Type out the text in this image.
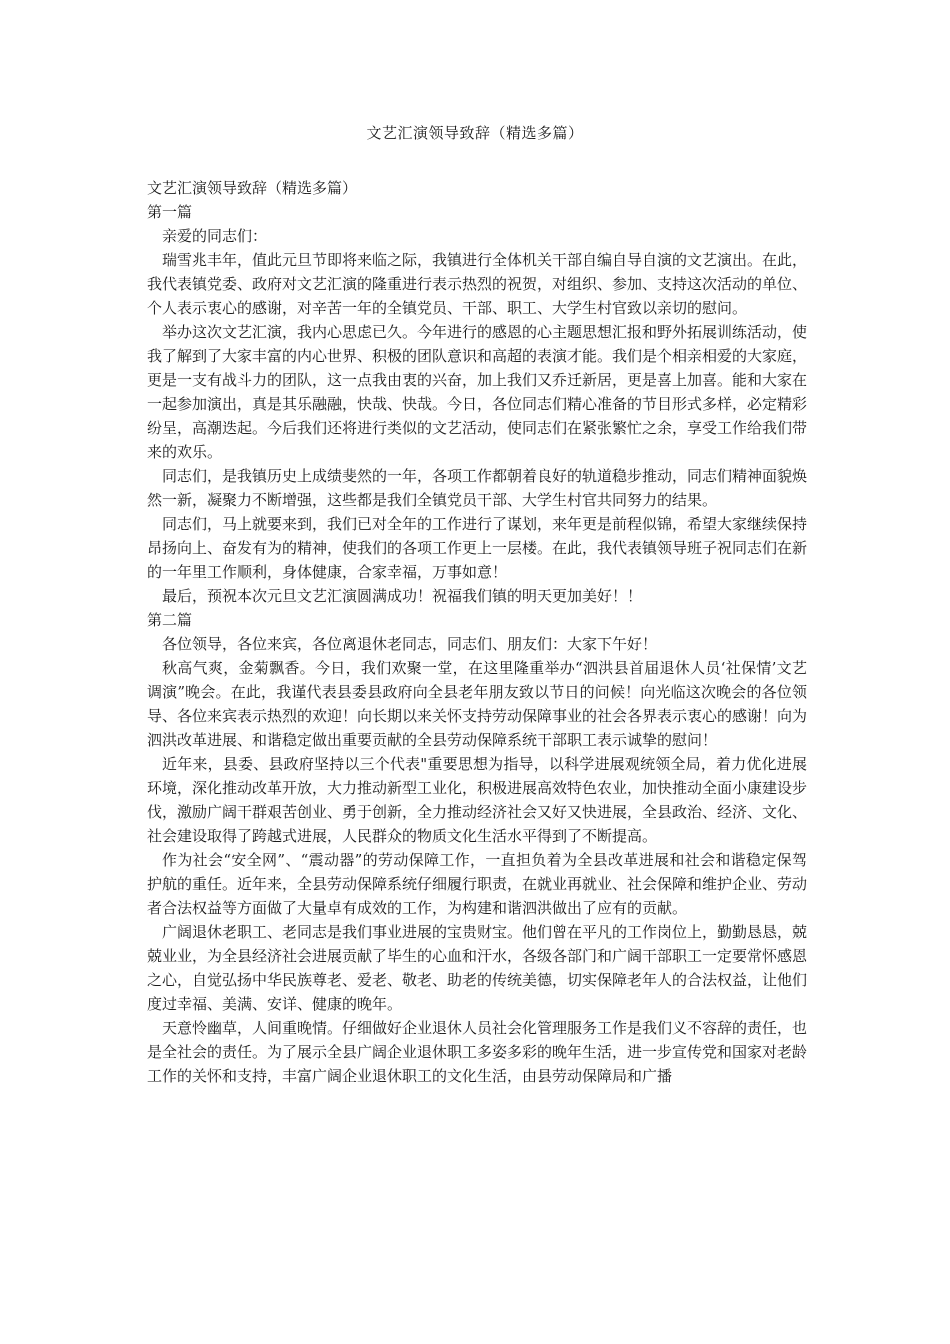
文艺汇演领导致辞（精选多篇）

文艺汇演领导致辞（精选多篇）

第一篇

亲爱的同志们：

瑞雪兆丰年，值此元旦节即将来临之际，我镇进行全体机关干部自编自导自演的文艺演出。在此，我代表镇党委、政府对文艺汇演的隆重进行表示热烈的祝贺，对组织、参加、支持这次活动的单位、个人表示衷心的感谢，对辛苦一年的全镇党员、干部、职工、大学生村官致以亲切的慰问。

举办这次文艺汇演，我内心思虑已久。今年进行的感恩的心主题思想汇报和野外拓展训练活动，使我了解到了大家丰富的内心世界、积极的团队意识和高超的表演才能。我们是个相亲相爱的大家庭，更是一支有战斗力的团队，这一点我由衷的兴奋，加上我们又乔迁新居，更是喜上加喜。能和大家在一起参加演出，真是其乐融融，快哉、快哉。今日，各位同志们精心准备的节目形式多样，必定精彩纷呈，高潮迭起。今后我们还将进行类似的文艺活动，使同志们在紧张繁忙之余，享受工作给我们带来的欢乐。

同志们，是我镇历史上成绩斐然的一年，各项工作都朝着良好的轨道稳步推动，同志们精神面貌焕然一新，凝聚力不断增强，这些都是我们全镇党员干部、大学生村官共同努力的结果。

同志们，马上就要来到，我们已对全年的工作进行了谋划，来年更是前程似锦，希望大家继续保持昂扬向上、奋发有为的精神，使我们的各项工作更上一层楼。在此，我代表镇领导班子祝同志们在新的一年里工作顺利，身体健康，合家幸福，万事如意！

最后，预祝本次元旦文艺汇演圆满成功！祝福我们镇的明天更加美好！！

第二篇

各位领导，各位来宾，各位离退休老同志，同志们、朋友们：大家下午好！

秋高气爽，金菊飘香。今日，我们欢聚一堂，在这里隆重举办“泗洪县首届退休人员‘社保情’文艺调演”晚会。在此，我谨代表县委县政府向全县老年朋友致以节日的问候！向光临这次晚会的各位领导、各位来宾表示热烈的欢迎！向长期以来关怀支持劳动保障事业的社会各界表示衷心的感谢！向为泗洪改革进展、和谐稳定做出重要贡献的全县劳动保障系统干部职工表示诚挚的慰问！

近年来，县委、县政府坚持以三个代表"重要思想为指导，以科学进展观统领全局，着力优化进展环境，深化推动改革开放，大力推动新型工业化，积极进展高效特色农业，加快推动全面小康建设步伐，激励广阔干群艰苦创业、勇于创新，全力推动经济社会又好又快进展，全县政治、经济、文化、社会建设取得了跨越式进展，人民群众的物质文化生活水平得到了不断提高。

作为社会“安全网”、“震动器”的劳动保障工作，一直担负着为全县改革进展和社会和谐稳定保驾护航的重任。近年来，全县劳动保障系统仔细履行职责，在就业再就业、社会保障和维护企业、劳动者合法权益等方面做了大量卓有成效的工作，为构建和谐泗洪做出了应有的贡献。

广阔退休老职工、老同志是我们事业进展的宝贵财宝。他们曾在平凡的工作岗位上，勤勤恳恳，兢兢业业，为全县经济社会进展贡献了毕生的心血和汗水，各级各部门和广阔干部职工一定要常怀感恩之心，自觉弘扬中华民族尊老、爱老、敬老、助老的传统美德，切实保障老年人的合法权益，让他们度过幸福、美满、安详、健康的晚年。

天意怜幽草，人间重晚情。仔细做好企业退休人员社会化管理服务工作是我们义不容辞的责任，也是全社会的责任。为了展示全县广阔企业退休职工多姿多彩的晚年生活，进一步宣传党和国家对老龄工作的关怀和支持，丰富广阔企业退休职工的文化生活，由县劳动保障局和广播
